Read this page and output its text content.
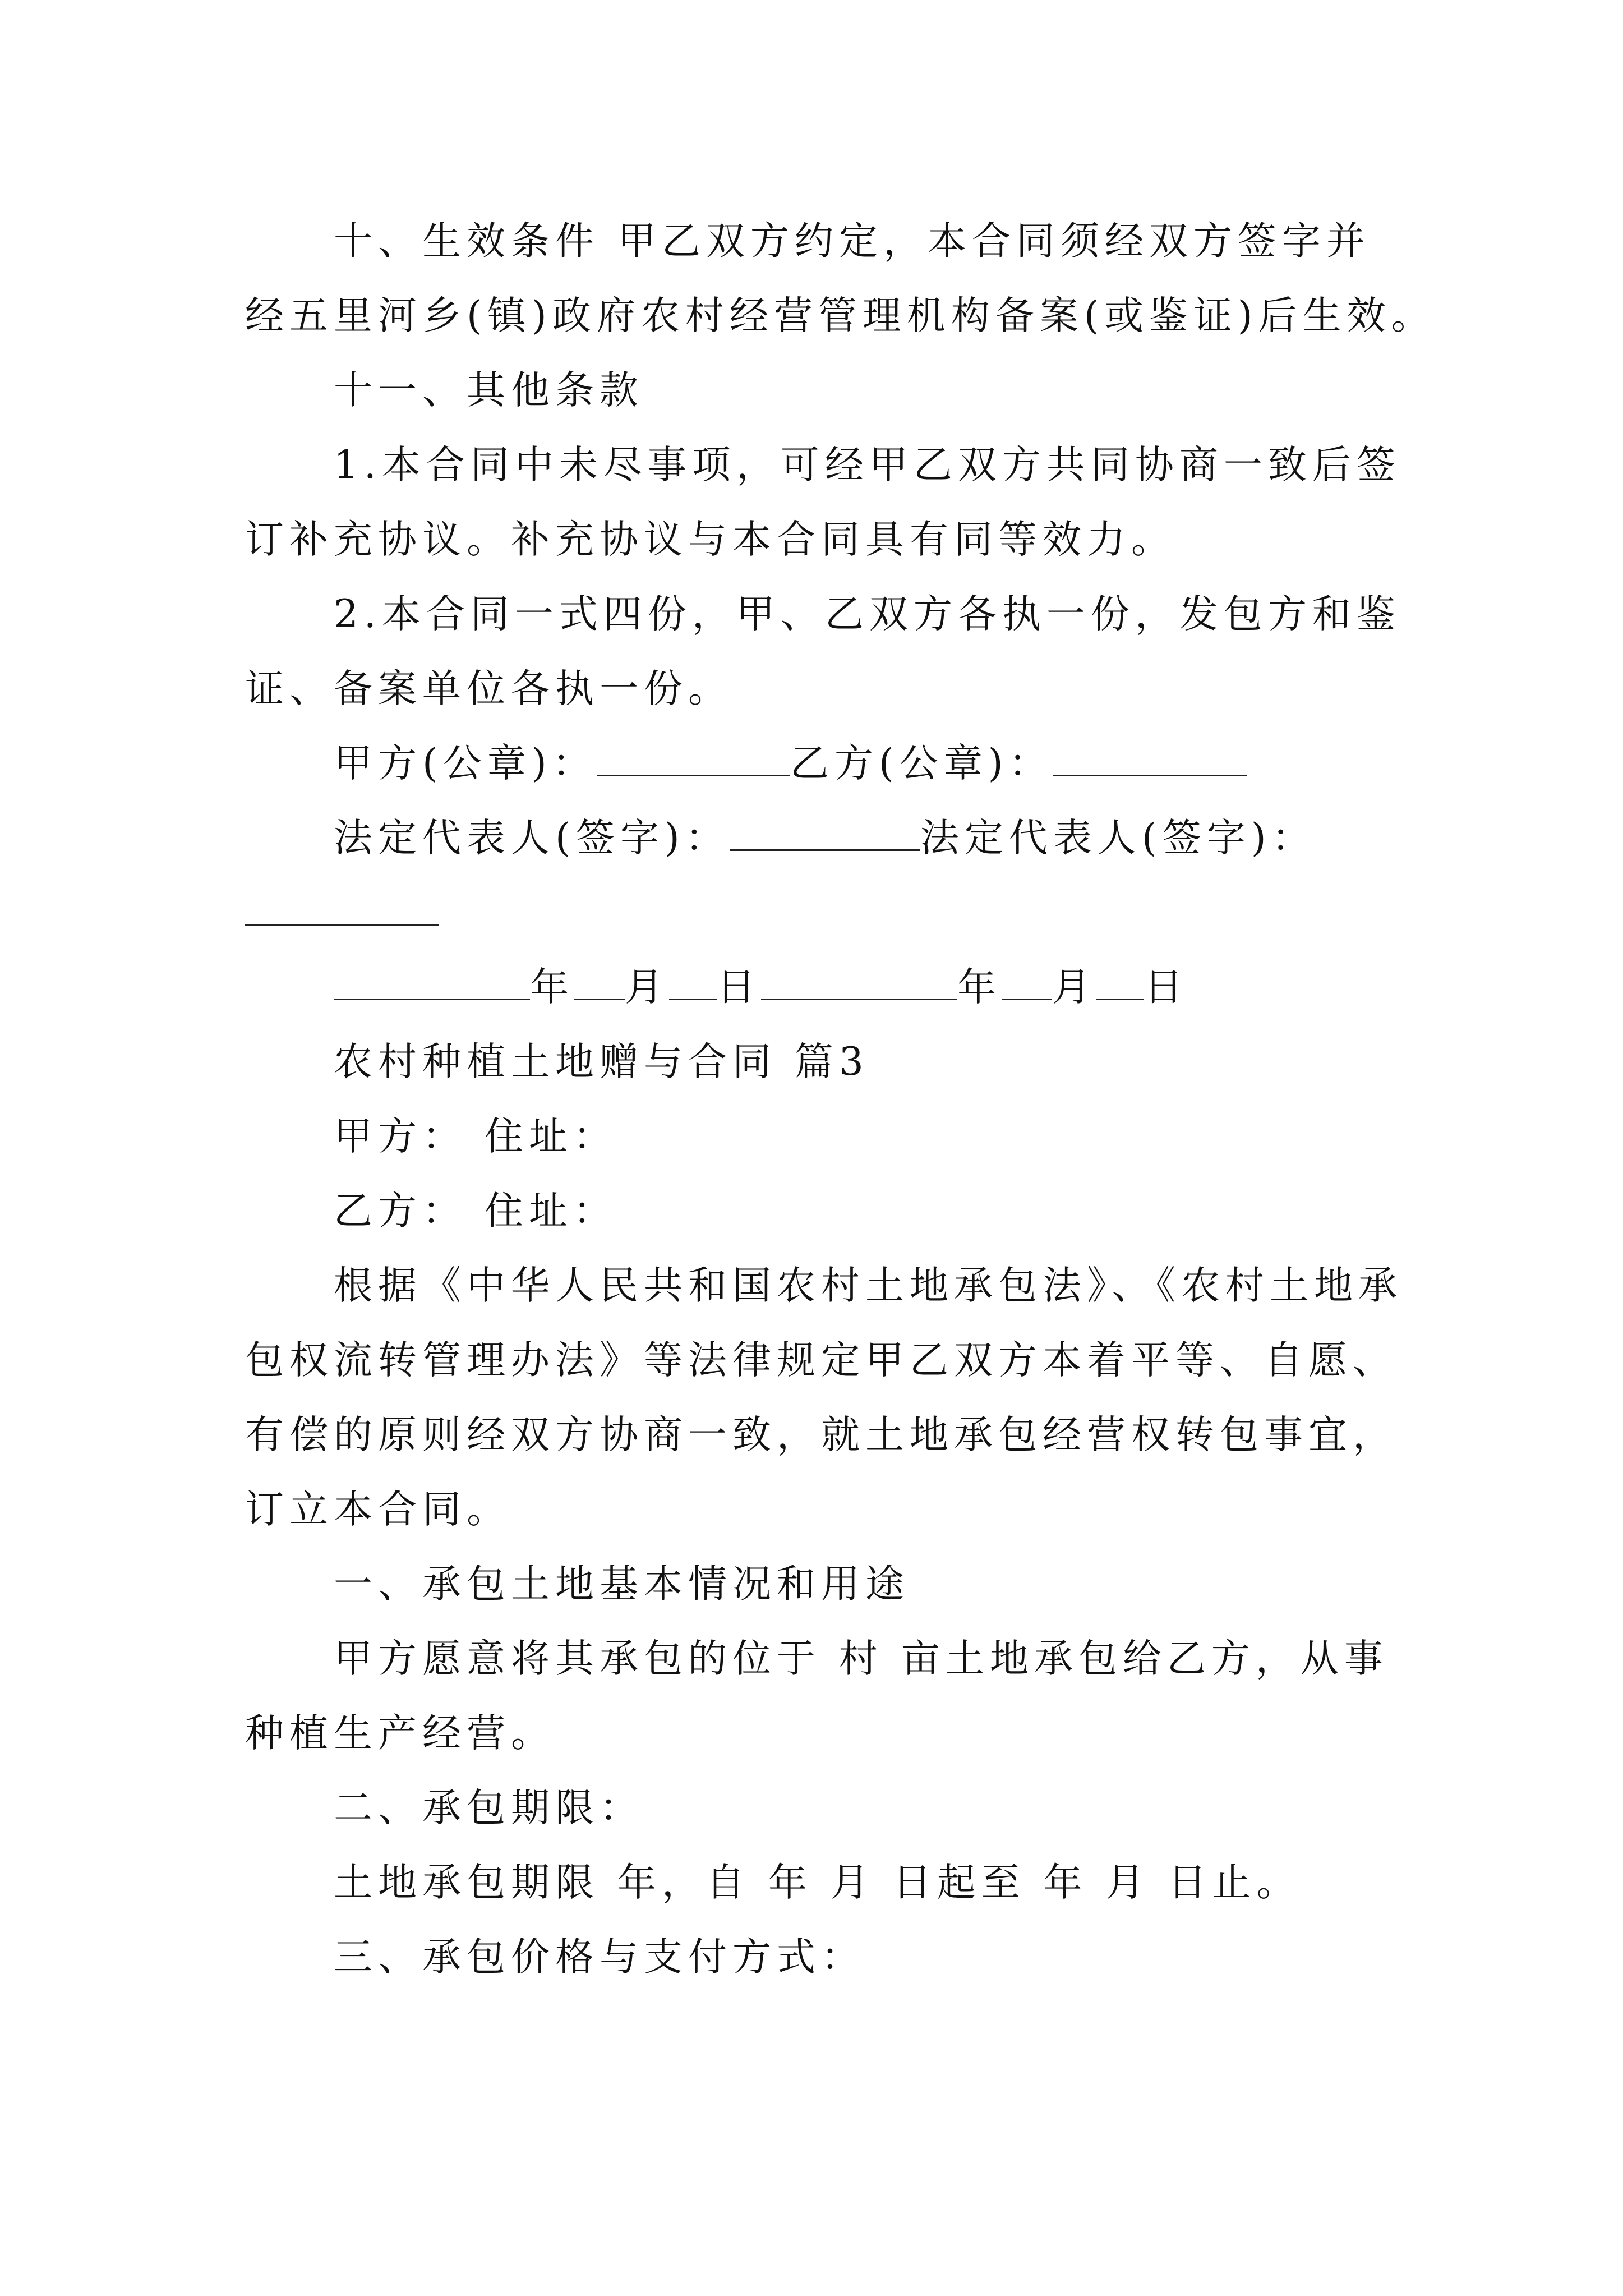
十、生效条件 甲乙双方约定，本合同须经双方签字并
经五里河乡(镇)政府农村经营管理机构备案(或鉴证)后生效。
十一、其他条款
1.本合同中未尽事项，可经甲乙双方共同协商一致后签
订补充协议。补充协议与本合同具有同等效力。
2.本合同一式四份，甲、乙双方各执一份，发包方和鉴
证、备案单位各执一份。
甲方(公章)：	乙方(公章)：
法定代表人(签字)：	法定代表人(签字)：
年 月 日	年 月 日
农村种植土地赠与合同 篇3
甲方： 住址：
乙方： 住址：
根据《中华人民共和国农村土地承包法》、《农村土地承
包权流转管理办法》等法律规定甲乙双方本着平等、自愿、
有偿的原则经双方协商一致，就土地承包经营权转包事宜，
订立本合同。
一、承包土地基本情况和用途
甲方愿意将其承包的位于 村 亩土地承包给乙方，从事
种植生产经营。
二、承包期限：
土地承包期限 年，自 年 月 日起至 年 月 日止。
三、承包价格与支付方式：
